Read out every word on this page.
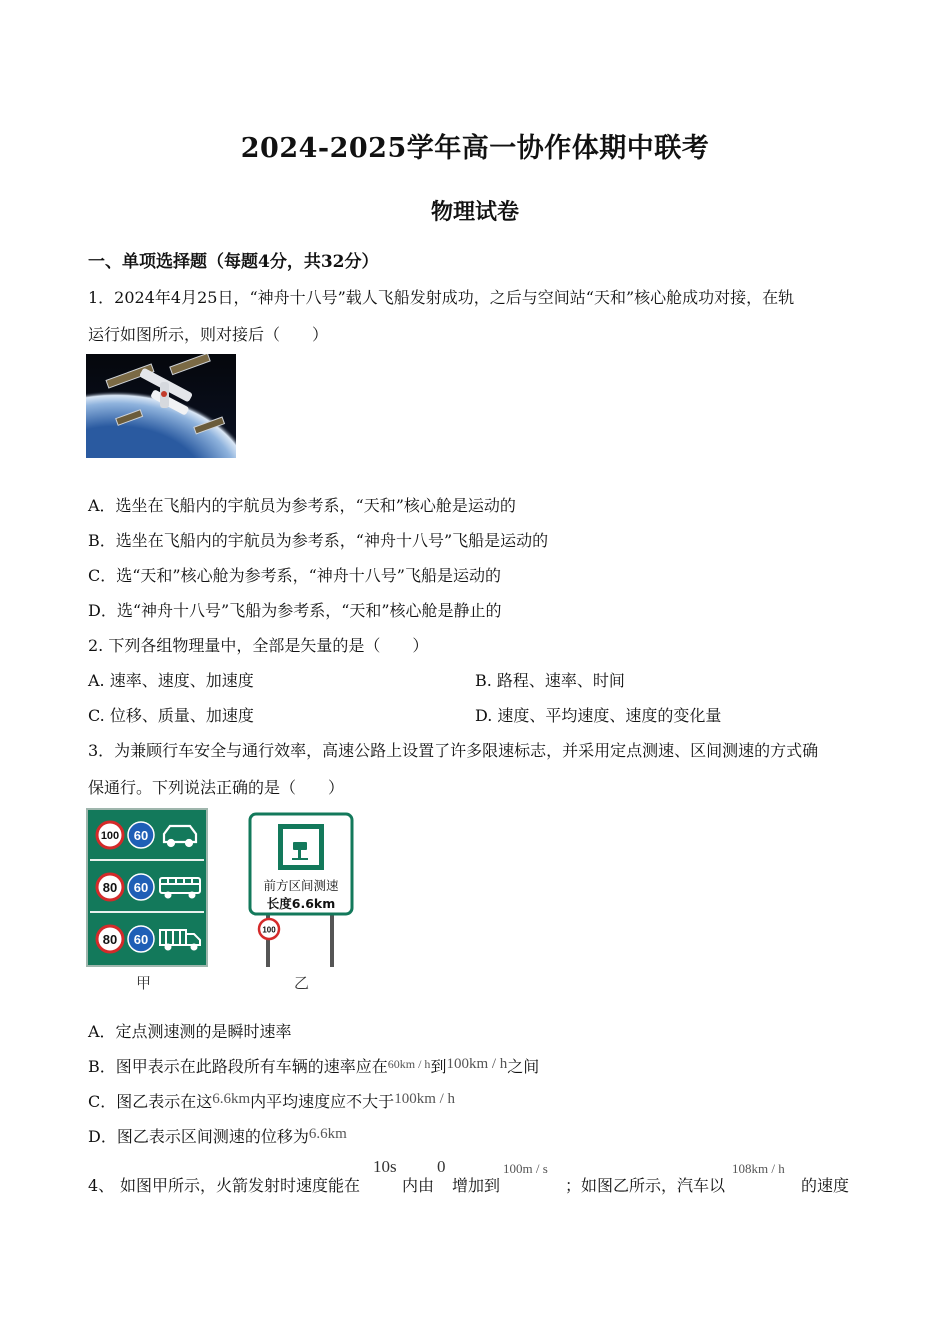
2024-2025学年高一协作体期中联考
物理试卷
一、单项选择题（每题4分，共32分）
1．2024年4月25日，“神舟十八号”载人飞船发射成功，之后与空间站“天和”核心舱成功对接，在轨
运行如图所示，则对接后（　　）
A．选坐在飞船内的宇航员为参考系，“天和”核心舱是运动的
B．选坐在飞船内的宇航员为参考系，“神舟十八号”飞船是运动的
C．选“天和”核心舱为参考系，“神舟十八号”飞船是运动的
D．选“神舟十八号”飞船为参考系，“天和”核心舱是静止的
2. 下列各组物理量中，全部是矢量的是（　　）
A. 速率、速度、加速度	B. 路程、速率、时间
C. 位移、质量、加速度	D. 速度、平均速度、速度的变化量
3．为兼顾行车安全与通行效率，高速公路上设置了许多限速标志，并采用定点测速、区间测速的方式确
保通行。下列说法正确的是（　　）
100 60
80 60
80 60
甲
100
前方区间测速
长度6.6km
乙
A．定点测速测的是瞬时速率
B．图甲表示在此路段所有车辆的速率应在$^{60km / h}$到100km / h之间
C．图乙表示在这6.6km内平均速度应不大于100km / h
D．图乙表示区间测速的位移为6.6km
4、 如图甲所示，火箭发射时速度能在
10s
内由
0
增加到
100m / s
；如图乙所示，汽车以
108km / h
的速度
